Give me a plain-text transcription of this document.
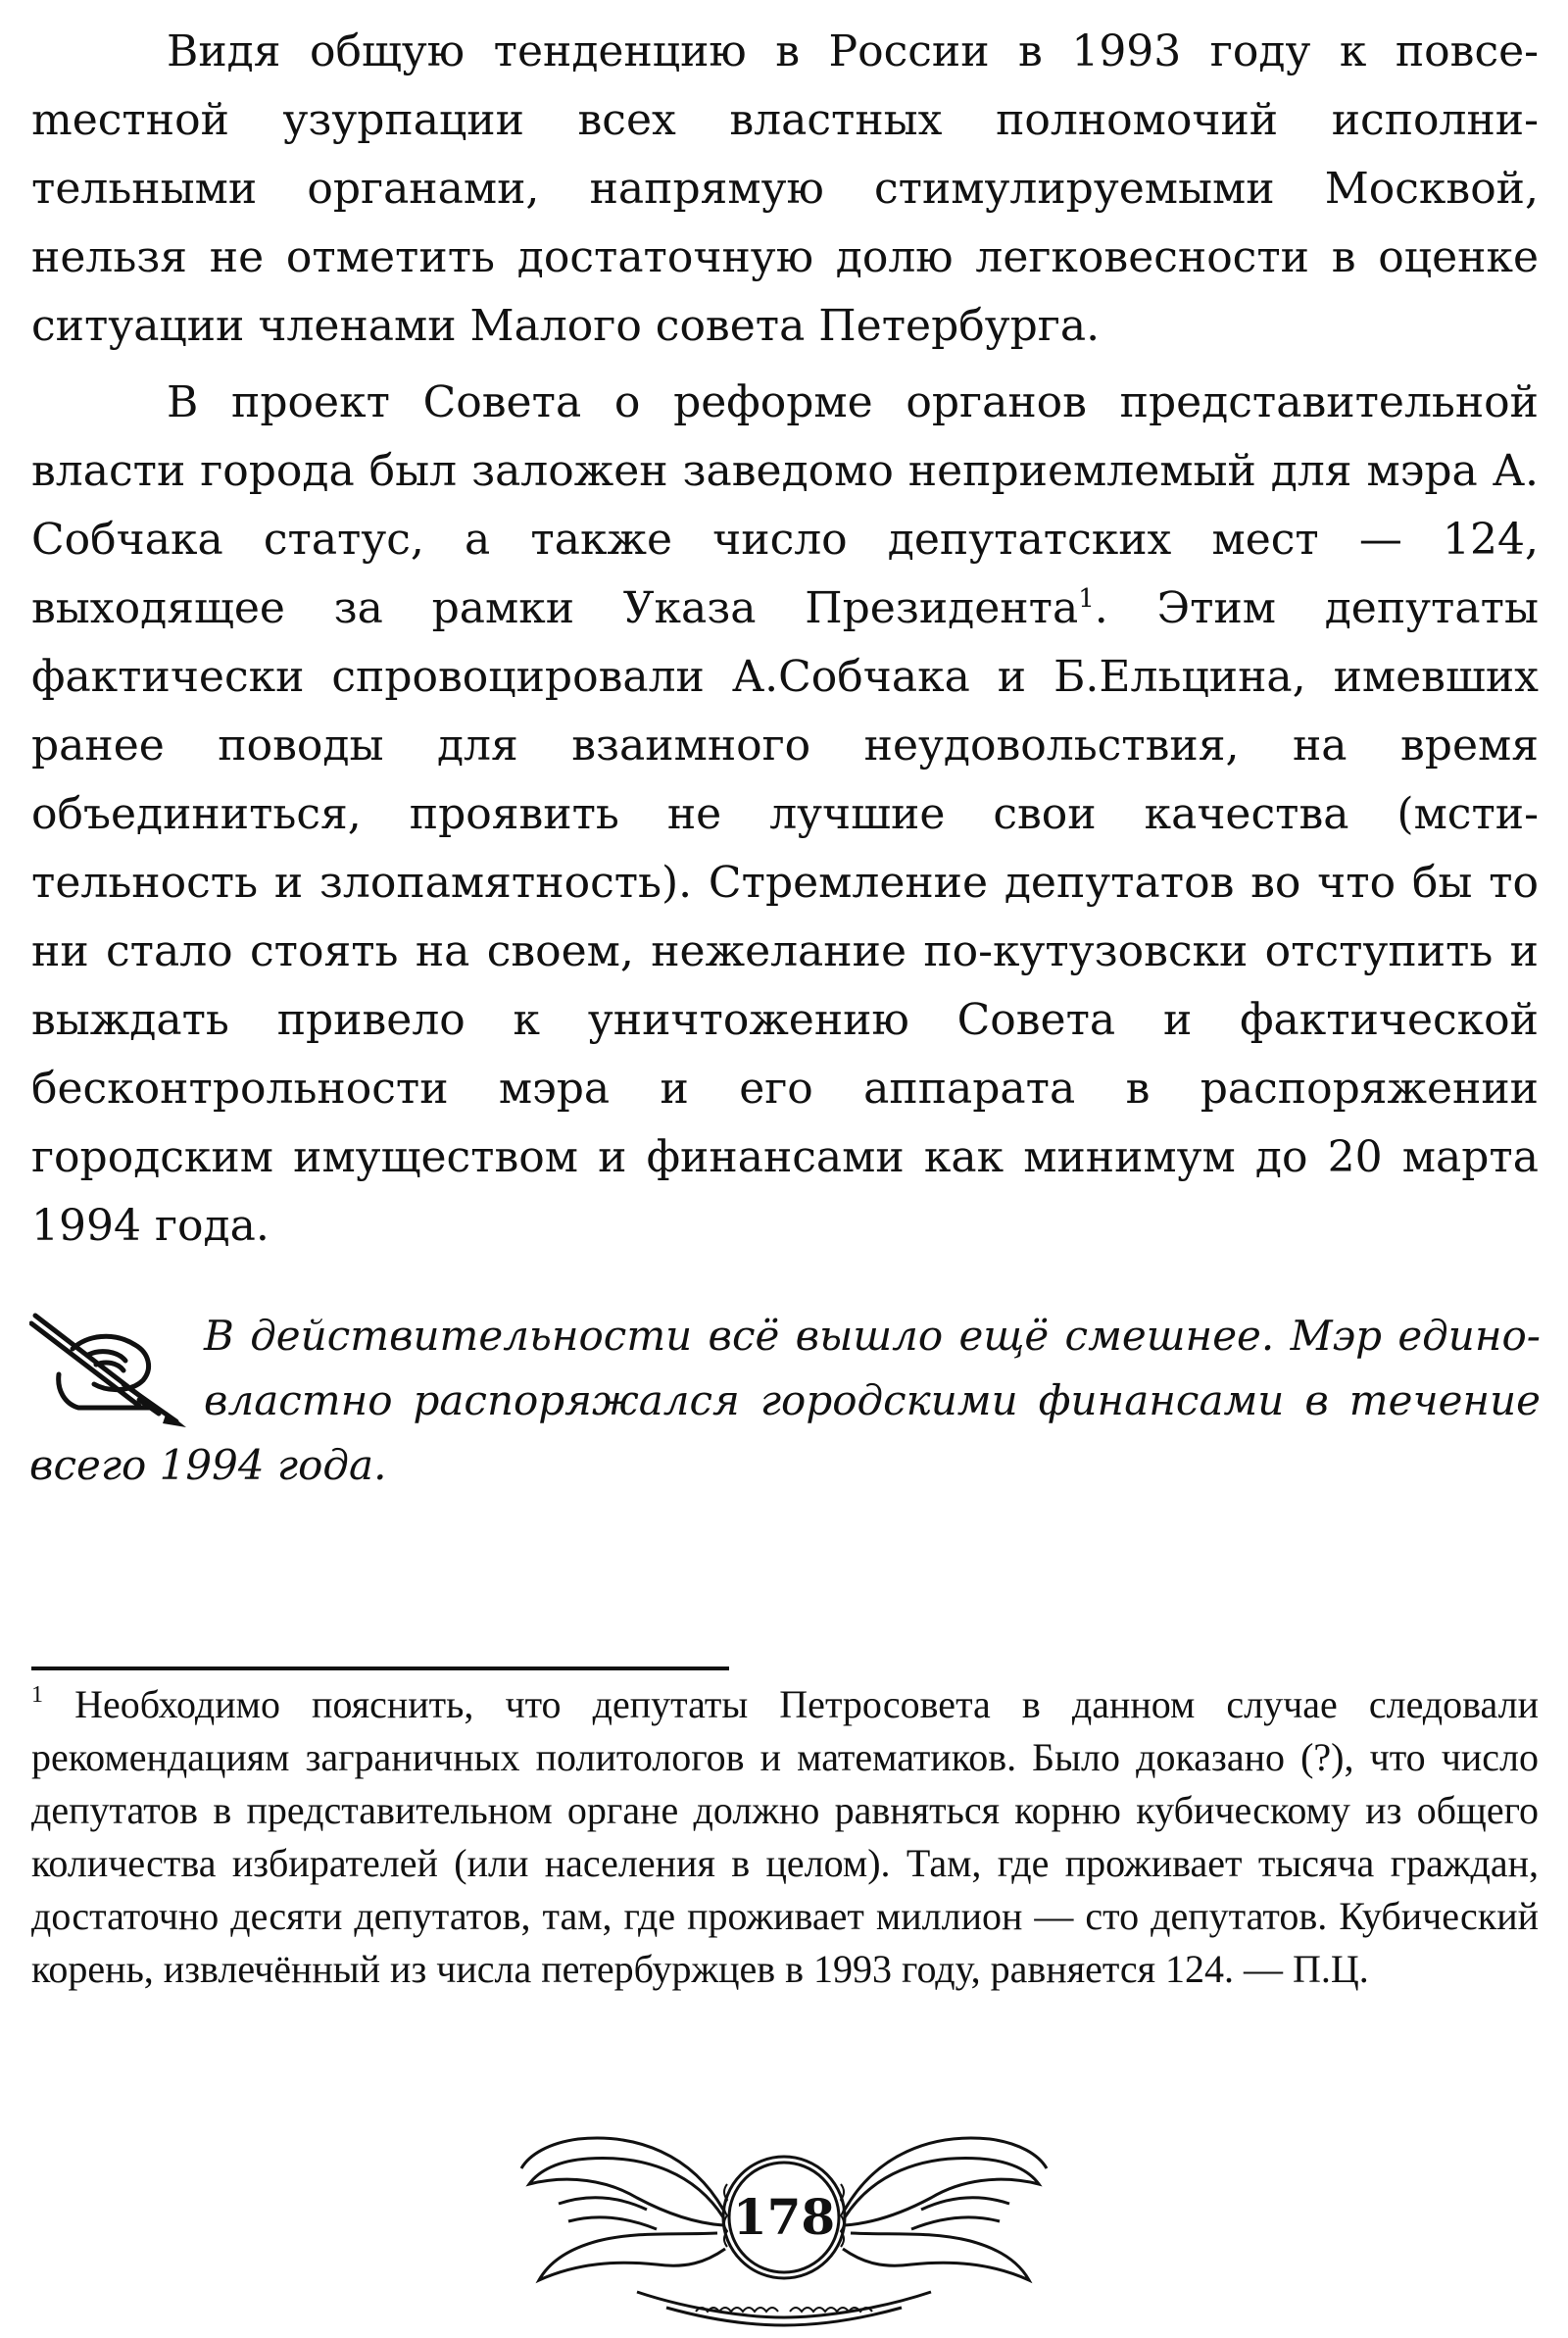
Видя общую тенденцию в России в 1993 году к повсеmестной узурпации всех властных полномочий исполнительными органами, напрямую стимулируемыми Москвой, нельзя не отметить достаточную долю легковесности в оценке ситуации членами Малого совета Петербурга.

В проект Совета о реформе органов представительной власти города был заложен заведомо неприемлемый для мэра А. Собчака статус, а также число депутатских мест — 124, выходящее за рамки Указа Президента$^1$. Этим депутаты фактически спровоцировали А.Собчака и Б.Ельцина, имевших ранее поводы для взаимного неудовольствия, на время объединиться, проявить не лучшие свои качества (мстительность и злопамятность). Стремление депутатов во что бы то ни стало стоять на своем, нежелание по-кутузовски отступить и выждать привело к уничтожению Совета и фактической бесконтрольности мэра и его аппарата в распоряжении городским имуществом и финансами как минимум до 20 марта 1994 года.

В действительности всё вышло ещё смешнее. Мэр единовластно распоряжался городскими финансами в течение всего 1994 года.
$^1$ Необходимо пояснить, что депутаты Петросовета в данном случае следовали рекомендациям заграничных политологов и математиков. Было доказано (?), что число депутатов в представительном органе должно равняться корню кубическому из общего количества избирателей (или населения в целом). Там, где проживает тысяча граждан, достаточно десяти депутатов, там, где проживает миллион — сто депутатов. Кубический корень, извлечённый из числа петербуржцев в 1993 году, равняется 124. — П.Ц.
178
